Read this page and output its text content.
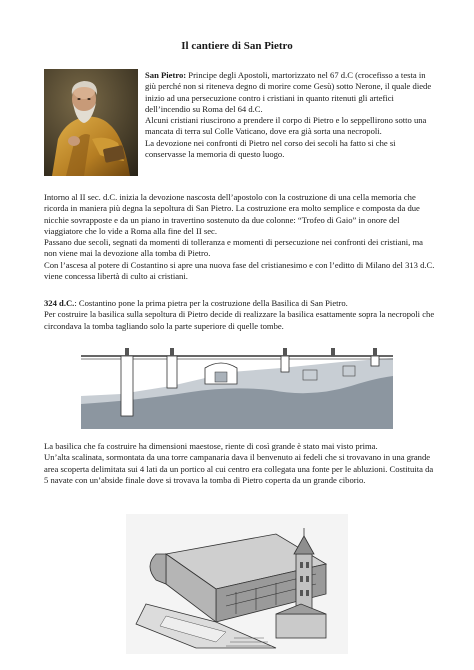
Il cantiere di San Pietro

San Pietro: Principe degli Apostoli, martorizzato nel 67 d.C (crocefisso a testa in giù perché non si riteneva degno di morire come Gesù) sotto Nerone, il quale diede inizio ad una persecuzione contro i cristiani in quanto ritenuti gli artefici dell’incendio su Roma del 64 d.C.

Alcuni cristiani riuscirono a prendere il corpo di Pietro e lo seppellirono sotto una mancata di terra sul Colle Vaticano, dove era già sorta una necropoli.

La devozione nei confronti di Pietro nel corso dei secoli ha fatto si che si conservasse la memoria di questo luogo.

Intorno al II sec. d.C. inizia la devozione nascosta dell’apostolo con la costruzione di una cella memoria che ricorda in maniera più degna la sepoltura di San Pietro. La costruzione era molto semplice e composta da due nicchie sovrapposte e da un piano in travertino sostenuto da due colonne: “Trofeo di Gaio” in onore del viaggiatore che lo vide a Roma alla fine del II sec.

Passano due secoli, segnati da momenti di tolleranza e momenti di persecuzione nei confronti dei cristiani, ma non viene mai la devozione alla tomba di Pietro.

Con l’ascesa al potere di Costantino si apre una nuova fase del cristianesimo e con l’editto di Milano del 313 d.C. viene concessa libertà di culto ai cristiani.

324 d.C.: Costantino pone la prima pietra per la costruzione della Basilica di San Pietro.

Per costruire la basilica sulla sepoltura di Pietro decide di realizzare la basilica esattamente sopra la necropoli che circondava la tomba tagliando solo la parte superiore di quelle tombe.

La basilica che fa costruire ha dimensioni maestose, riente di così grande è stato mai visto prima.

Un’alta scalinata, sormontata da una torre campanaria dava il benvenuto ai fedeli che si trovavano in una grande area scoperta delimitata sui 4 lati da un portico al cui centro era collegata una fonte per le abluzioni. Costituita da 5 navate con un’abside finale dove si trovava la tomba di Pietro coperta da un grande ciborio.
